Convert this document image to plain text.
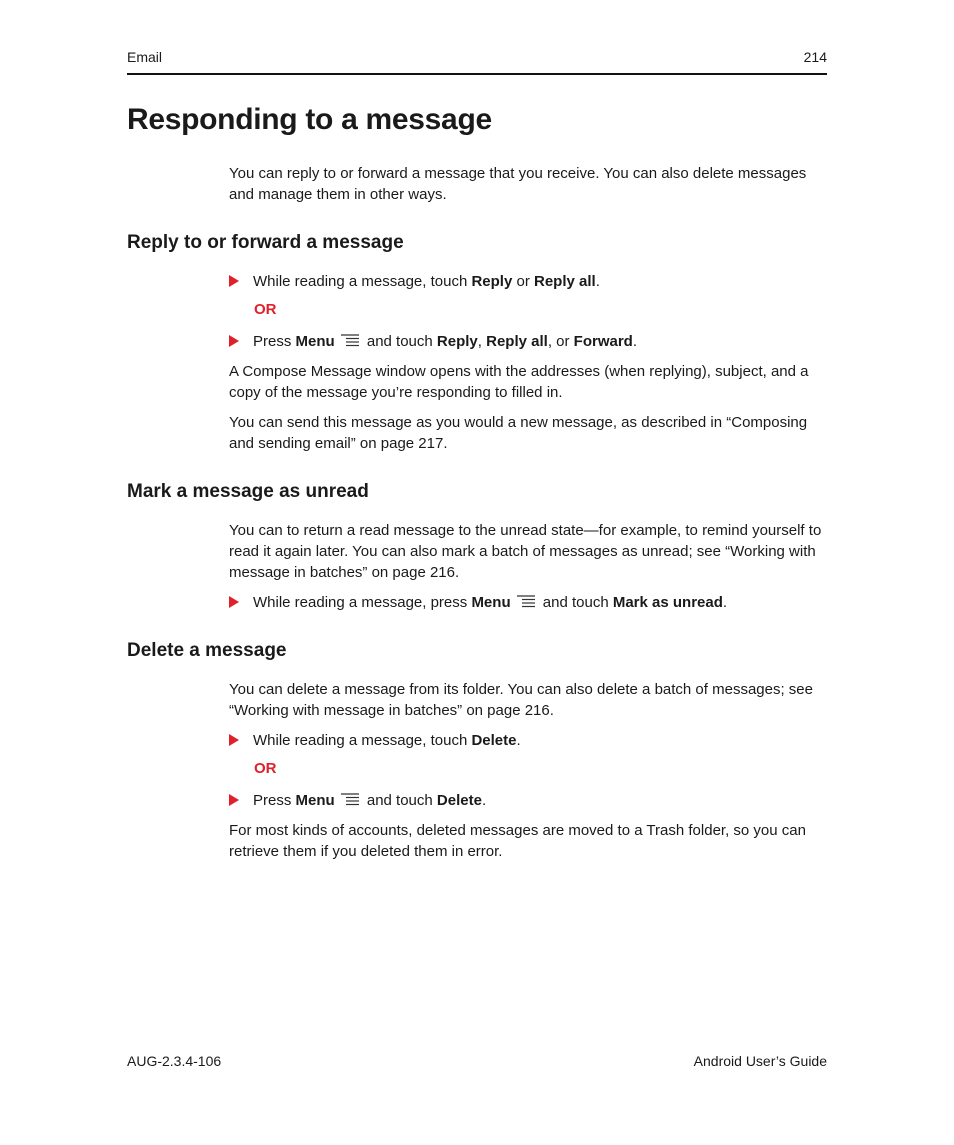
Email	214
Responding to a message

You can reply to or forward a message that you receive. You can also delete messages and manage them in other ways.

Reply to or forward a message
While reading a message, touch Reply or Reply all.
OR
Press Menu and touch Reply, Reply all, or Forward.

A Compose Message window opens with the addresses (when replying), subject, and a copy of the message you’re responding to filled in.

You can send this message as you would a new message, as described in “Composing and sending email” on page 217.

Mark a message as unread

You can to return a read message to the unread state—for example, to remind yourself to read it again later. You can also mark a batch of messages as unread; see “Working with message in batches” on page 216.

While reading a message, press Menu and touch Mark as unread.
Delete a message

You can delete a message from its folder. You can also delete a batch of messages; see “Working with message in batches” on page 216.

While reading a message, touch Delete.
OR
Press Menu and touch Delete.

For most kinds of accounts, deleted messages are moved to a Trash folder, so you can retrieve them if you deleted them in error.

AUG-2.3.4-106	Android User’s Guide
